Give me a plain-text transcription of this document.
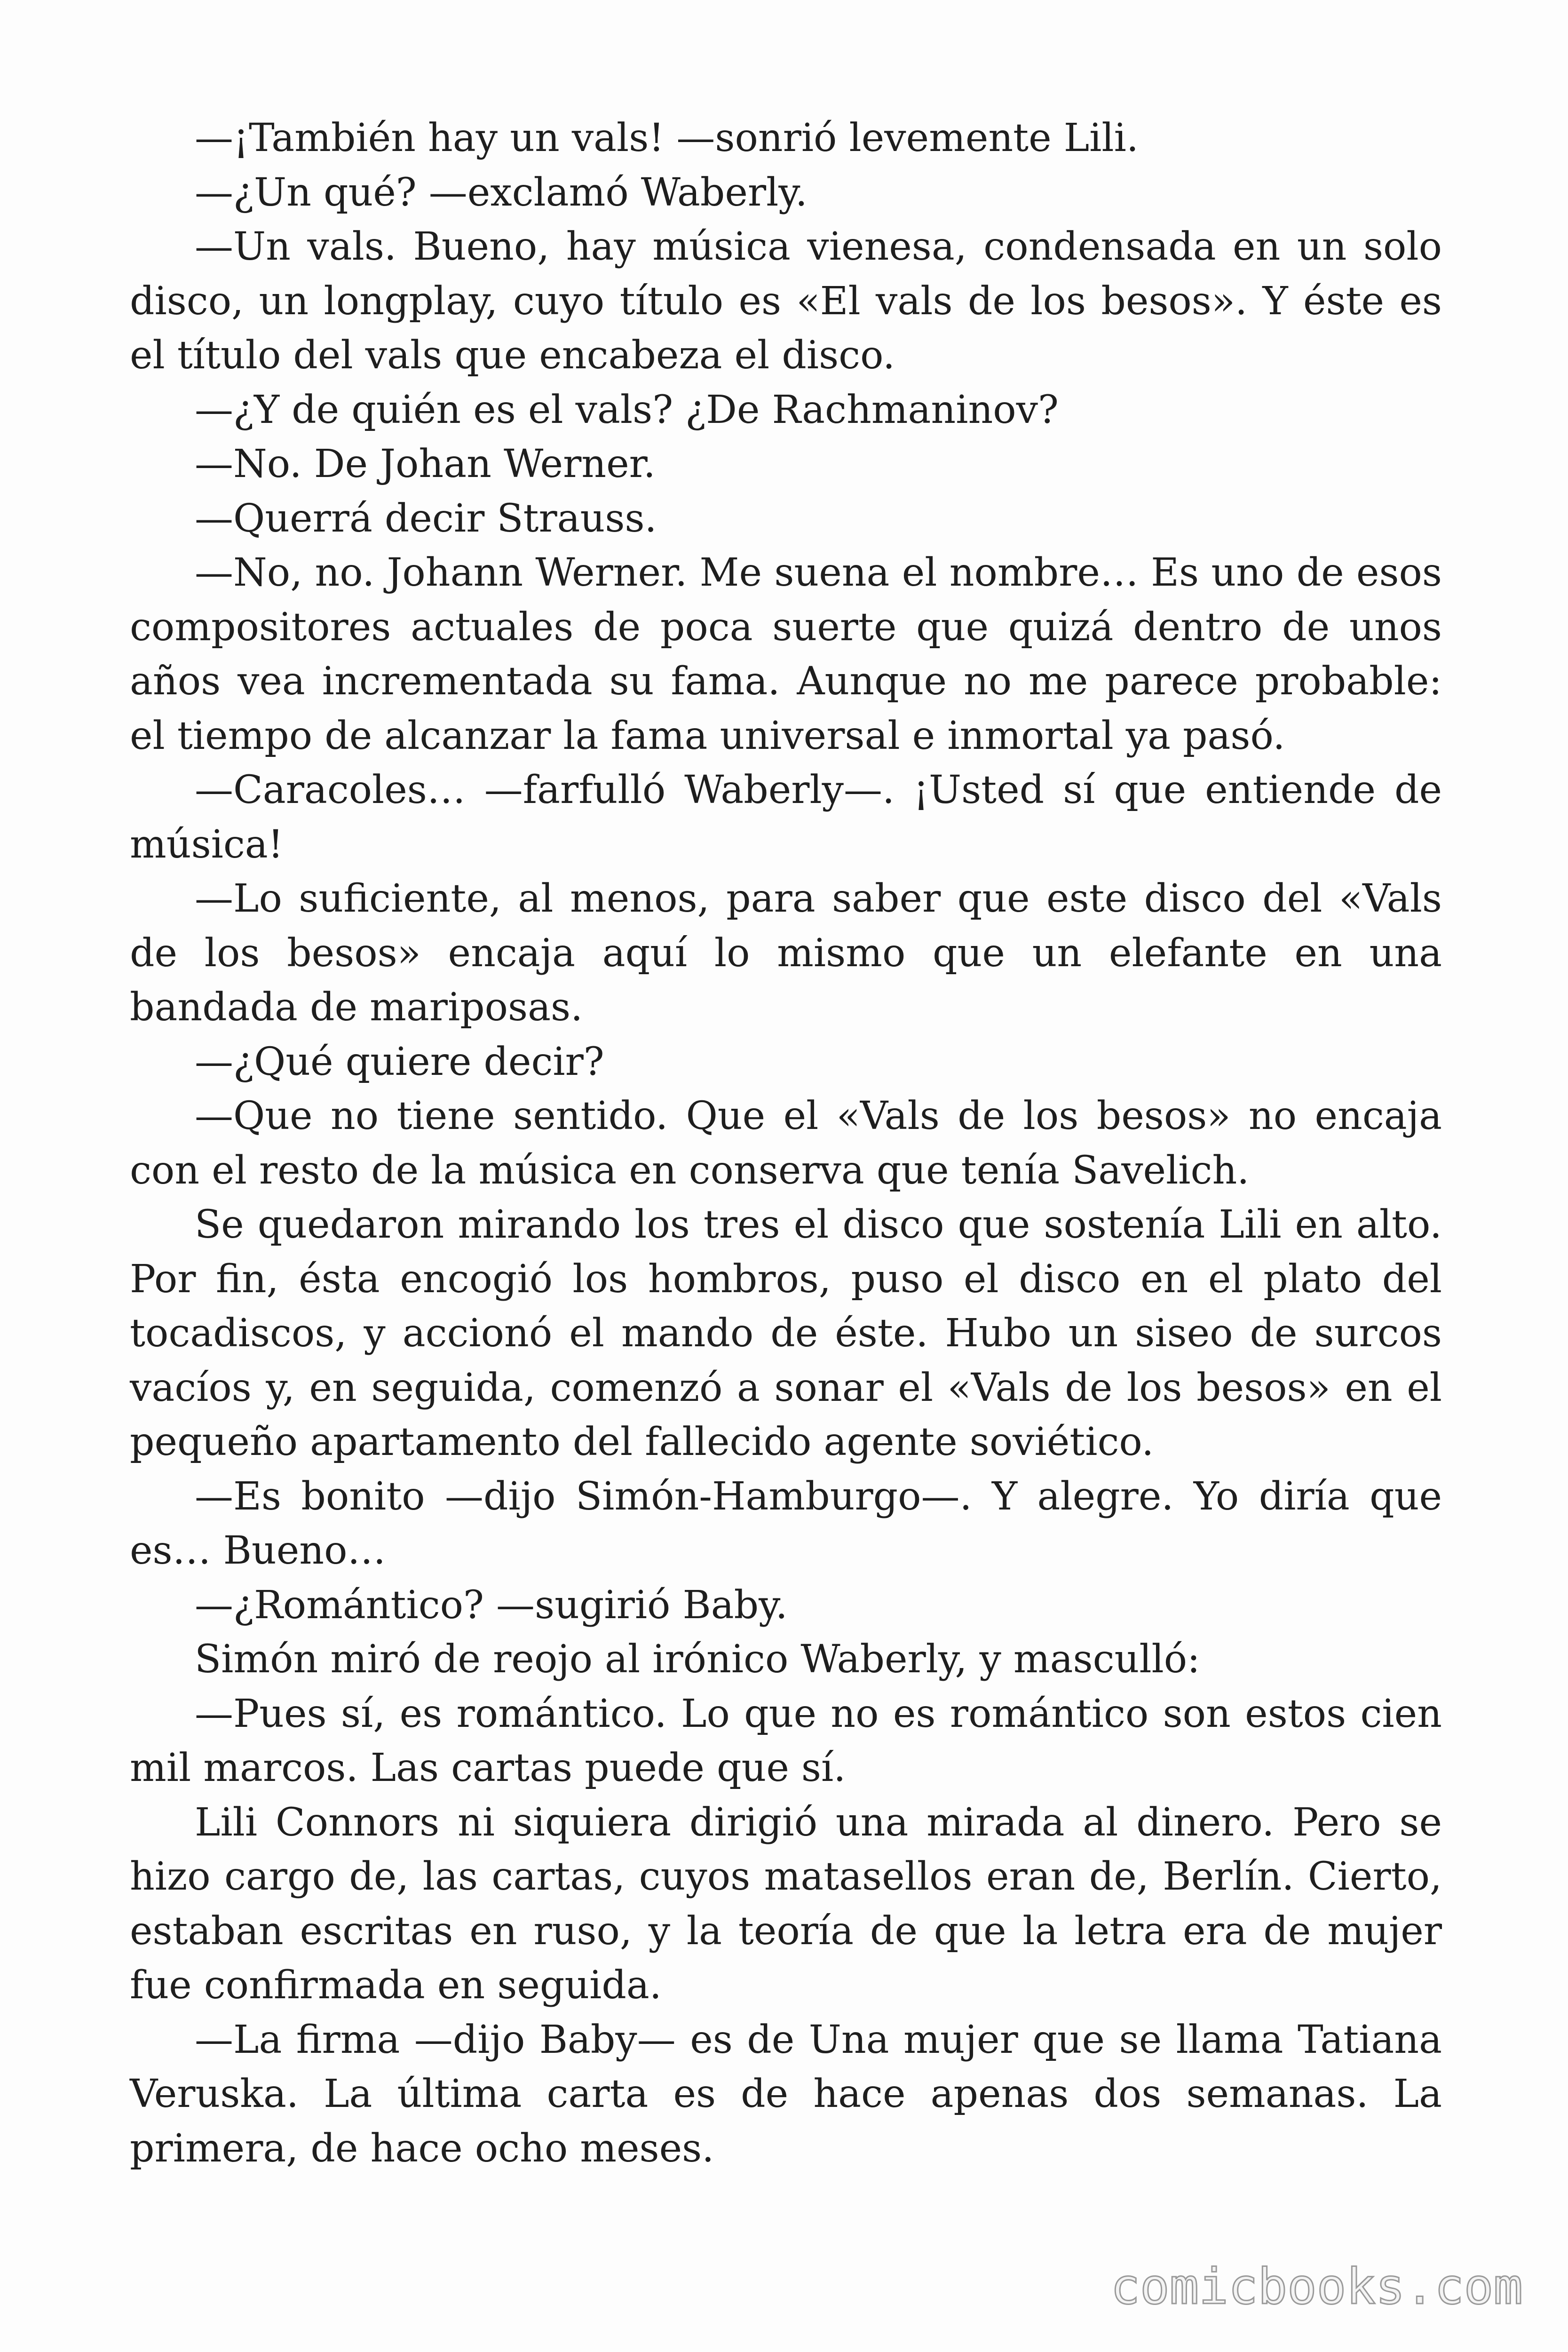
—¡También hay un vals! —sonrió levemente Lili.

—¿Un qué? —exclamó Waberly.

—Un vals. Bueno, hay música vienesa, condensada en un solo disco, un longplay, cuyo título es «El vals de los besos». Y éste es el título del vals que encabeza el disco.

—¿Y de quién es el vals? ¿De Rachmaninov?

—No. De Johan Werner.

—Querrá decir Strauss.

—No, no. Johann Werner. Me suena el nombre… Es uno de esos compositores actuales de poca suerte que quizá dentro de unos años vea incrementada su fama. Aunque no me parece probable: el tiempo de alcanzar la fama universal e inmortal ya pasó.

—Caracoles… —farfulló Waberly—. ¡Usted sí que entiende de música!

—Lo suficiente, al menos, para saber que este disco del «Vals de los besos» encaja aquí lo mismo que un elefante en una bandada de mariposas.

—¿Qué quiere decir?

—Que no tiene sentido. Que el «Vals de los besos» no encaja con el resto de la música en conserva que tenía Savelich.

Se quedaron mirando los tres el disco que sostenía Lili en alto. Por fin, ésta encogió los hombros, puso el disco en el plato del tocadiscos, y accionó el mando de éste. Hubo un siseo de surcos vacíos y, en seguida, comenzó a sonar el «Vals de los besos» en el pequeño apartamento del fallecido agente soviético.

—Es bonito —dijo Simón-Hamburgo—. Y alegre. Yo diría que es… Bueno…

—¿Romántico? —sugirió Baby.

Simón miró de reojo al irónico Waberly, y masculló:

—Pues sí, es romántico. Lo que no es romántico son estos cien mil marcos. Las cartas puede que sí.

Lili Connors ni siquiera dirigió una mirada al dinero. Pero se hizo cargo de, las cartas, cuyos matasellos eran de, Berlín. Cierto, estaban escritas en ruso, y la teoría de que la letra era de mujer fue confirmada en seguida.

—La firma —dijo Baby— es de Una mujer que se llama Tatiana Veruska. La última carta es de hace apenas dos semanas. La primera, de hace ocho meses.

comicbooks.com
